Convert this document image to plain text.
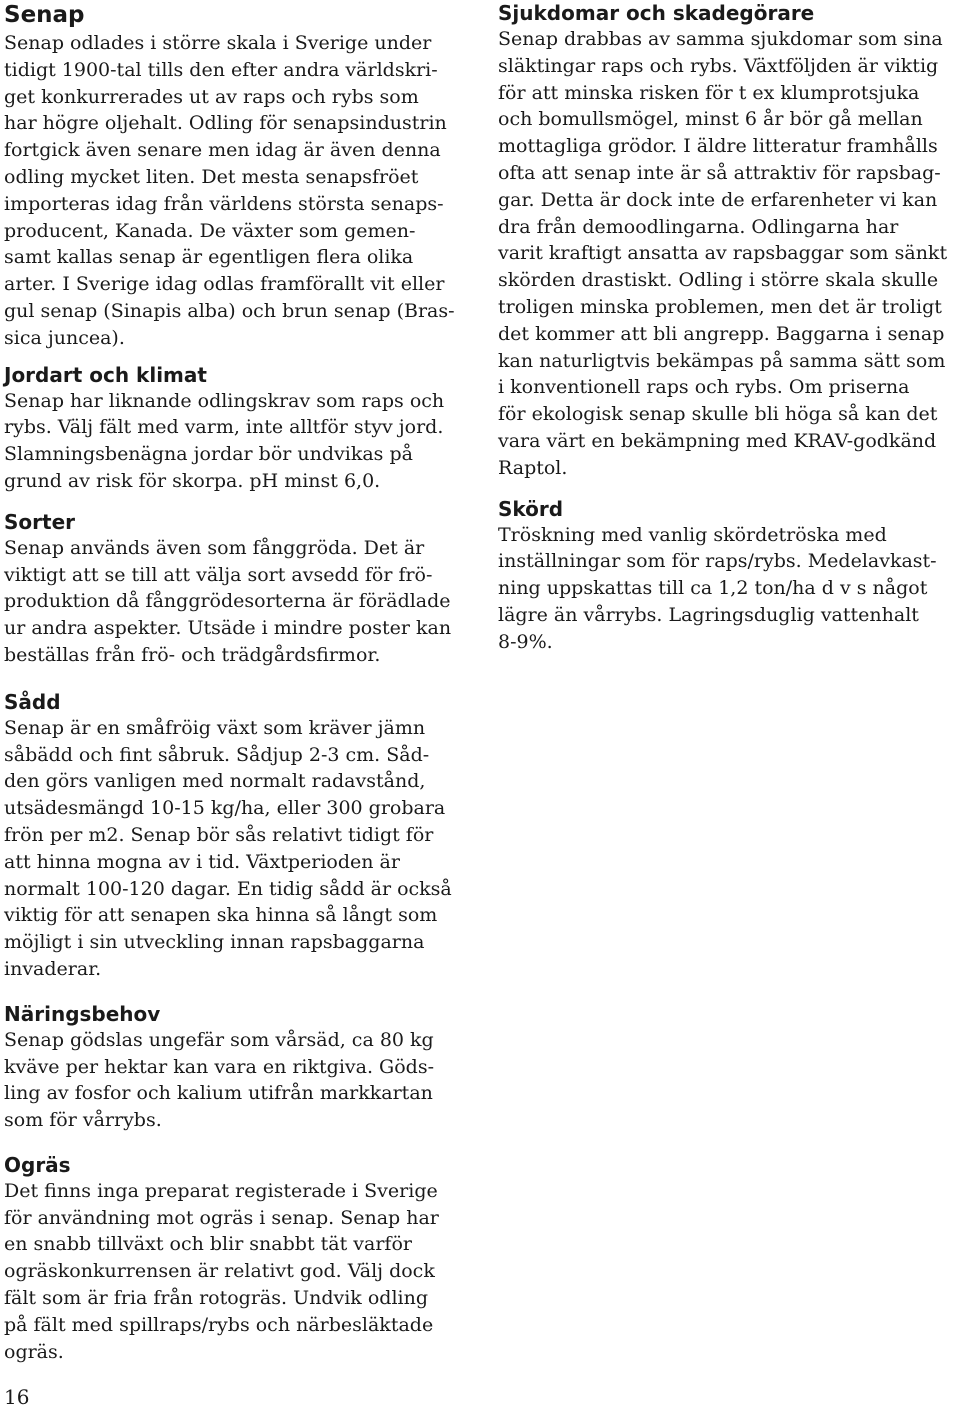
Senap

Senap odlades i större skala i Sverige under
tidigt 1900-tal tills den efter andra världskri-
get konkurrerades ut av raps och rybs som
har högre oljehalt. Odling för senapsindustrin
fortgick även senare men idag är även denna
odling mycket liten. Det mesta senapsfröet
importeras idag från världens största senaps-
producent, Kanada. De växter som gemen-
samt kallas senap är egentligen flera olika
arter. I Sverige idag odlas framförallt vit eller
gul senap (Sinapis alba) och brun senap (Bras-
sica juncea).

Jordart och klimat

Senap har liknande odlingskrav som raps och
rybs. Välj fält med varm, inte alltför styv jord.
Slamningsbenägna jordar bör undvikas på
grund av risk för skorpa. pH minst 6,0.

Sorter

Senap används även som fånggröda. Det är
viktigt att se till att välja sort avsedd för frö-
produktion då fånggrödesorterna är förädlade
ur andra aspekter. Utsäde i mindre poster kan
beställas från frö- och trädgårdsfirmor.

Sådd

Senap är en småfröig växt som kräver jämn
såbädd och fint såbruk. Sådjup 2-3 cm. Såd-
den görs vanligen med normalt radavstånd,
utsädesmängd 10-15 kg/ha, eller 300 grobara
frön per m2. Senap bör sås relativt tidigt för
att hinna mogna av i tid. Växtperioden är
normalt 100-120 dagar. En tidig sådd är också
viktig för att senapen ska hinna så långt som
möjligt i sin utveckling innan rapsbaggarna
invaderar.

Näringsbehov

Senap gödslas ungefär som vårsäd, ca 80 kg
kväve per hektar kan vara en riktgiva. Göds-
ling av fosfor och kalium utifrån markkartan
som för vårrybs.

Ogräs

Det finns inga preparat registerade i Sverige
för användning mot ogräs i senap. Senap har
en snabb tillväxt och blir snabbt tät varför
ogräskonkurrensen är relativt god. Välj dock
fält som är fria från rotogräs. Undvik odling
på fält med spillraps/rybs och närbesläktade
ogräs.

Sjukdomar och skadegörare

Senap drabbas av samma sjukdomar som sina
släktingar raps och rybs. Växtföljden är viktig
för att minska risken för t ex klumprotsjuka
och bomullsmögel, minst 6 år bör gå mellan
mottagliga grödor. I äldre litteratur framhålls
ofta att senap inte är så attraktiv för rapsbag-
gar. Detta är dock inte de erfarenheter vi kan
dra från demoodlingarna. Odlingarna har
varit kraftigt ansatta av rapsbaggar som sänkt
skörden drastiskt. Odling i större skala skulle
troligen minska problemen, men det är troligt
det kommer att bli angrepp. Baggarna i senap
kan naturligtvis bekämpas på samma sätt som
i konventionell raps och rybs. Om priserna
för ekologisk senap skulle bli höga så kan det
vara värt en bekämpning med KRAV-godkänd
Raptol.

Skörd

Tröskning med vanlig skördetröska med
inställningar som för raps/rybs. Medelavkast-
ning uppskattas till ca 1,2 ton/ha d v s något
lägre än vårrybs. Lagringsduglig vattenhalt
8-9%.

16
